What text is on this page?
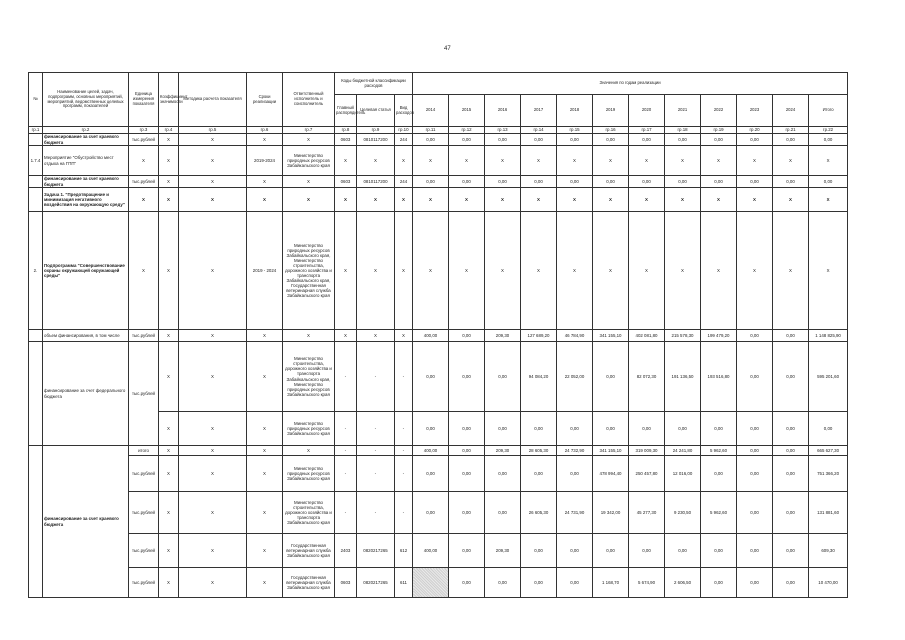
47
№	Наименование целей, задач, подпрограмм, основных мероприятий, мероприятий, ведомственных целевых программ, показателей	Единица измерения показателя	Коэффициент значимости	Методика расчета показателя	Сроки реализации	Ответственный исполнитель и соисполнитель	Коды бюджетной классификации расходов			Значения по годам реализации											
							Главный распорядитель	Целевая статья	Вид расходов	2014	2015	2016	2017	2018	2019	2020	2021	2022	2023	2024	Итого
гр.1	гр.2	гр.3	гр.4	гр.5	гр.6	гр.7	гр.8	гр.9	гр.10	гр.11	гр.12	гр.13	гр.14	гр.15	гр.16	гр.17	гр.18	гр.19	гр.20	гр.21	гр.22
	финансирование за счет краевого бюджета	тыс.рублей	X	X	X	X	0603	0810117200	244	0,00	0,00	0,00	0,00	0,00	0,00	0,00	0,00	0,00	0,00	0,00	0,00
1.7.4	Мероприятие "Обустройство мест отдыха на ГПП"	X	X	X	2019-2024	Министерство природных ресурсов Забайкальского края	X	X	X	X	X	X	X	X	X	X	X	X	X	X	X
	финансирование за счет краевого бюджета	тыс.рублей	X	X	X	X	0603	0810117200	244	0,00	0,00	0,00	0,00	0,00	0,00	0,00	0,00	0,00	0,00	0,00	0,00
	Задача 1. "Предотвращение и минимизация негативного воздействия на окружающую среду"	X	X	X	X	X	X	X	X	X	X	X	X	X	X	X	X	X	X	X	X
2.	Подпрограмма "Совершенствование охраны окружающей окружающей среды"	X	X	X	2019 - 2024	Министерство природных ресурсов Забайкальского края, Министерство строительства, дорожного хозяйства и транспорта Забайкальского края, Государственная ветеринарная служба Забайкальского края	X	X	X	X	X	X	X	X	X	X	X	X	X	X	X
	объем финансирования, в том числе	тыс.рублей	X	X	X	X	X	X	X	400,00	0,00	209,30	127 689,20	46 784,90	341 155,10	402 081,80	215 578,30	199 479,20	0,00	0,00	1 148 825,90
	финансирование за счет федерального бюджета	тыс.рублей	X	X	X	Министерство строительства, дорожного хозяйства и транспорта Забайкальского края, Министерство природных ресурсов Забайкальского края	-	-	-	0,00	0,00	0,00	94 084,20	22 052,00	0,00	82 072,30	191 136,50	193 516,80	0,00	0,00	595 201,60
			X	X	X	Министерство природных ресурсов Забайкальского края	-	-	-	0,00	0,00	0,00	0,00	0,00	0,00	0,00	0,00	0,00	0,00	0,00	0,00
	финансирование за счет краевого бюджета	итого	X	X	X	X	-	-	-	400,00	0,00	209,30	28 605,30	24 732,90	341 155,10	319 009,30	24 241,80	5 962,60	0,00	0,00	665 627,30
		тыс.рублей	X	X	X	Министерство природных ресурсов Забайкальского края	-	-	-	0,00	0,00	0,00	0,00	0,00	478 994,40	250 457,80	12 016,00	0,00	0,00	0,00	751 366,20
		тыс.рублей	X	X	X	Министерство строительства, дорожного хозяйства и транспорта Забайкальского края	-	-	-	0,00	0,00	0,00	26 605,30	24 731,90	19 342,00	45 277,30	9 230,50	5 962,60	0,00	0,00	131 881,60
		тыс.рублей	X	X	X	Государственная ветеринарная служба Забайкальского края	2403	0820217265	612	400,00	0,00	209,30	0,00	0,00	0,00	0,00	0,00	0,00	0,00	0,00	609,30
		тыс.рублей	X	X	X	Государственная ветеринарная служба Забайкальского края	0603	0820217265	611		0,00	0,00	0,00	0,00	1 168,70	5 674,90	2 606,50	0,00	0,00	0,00	10 470,00
